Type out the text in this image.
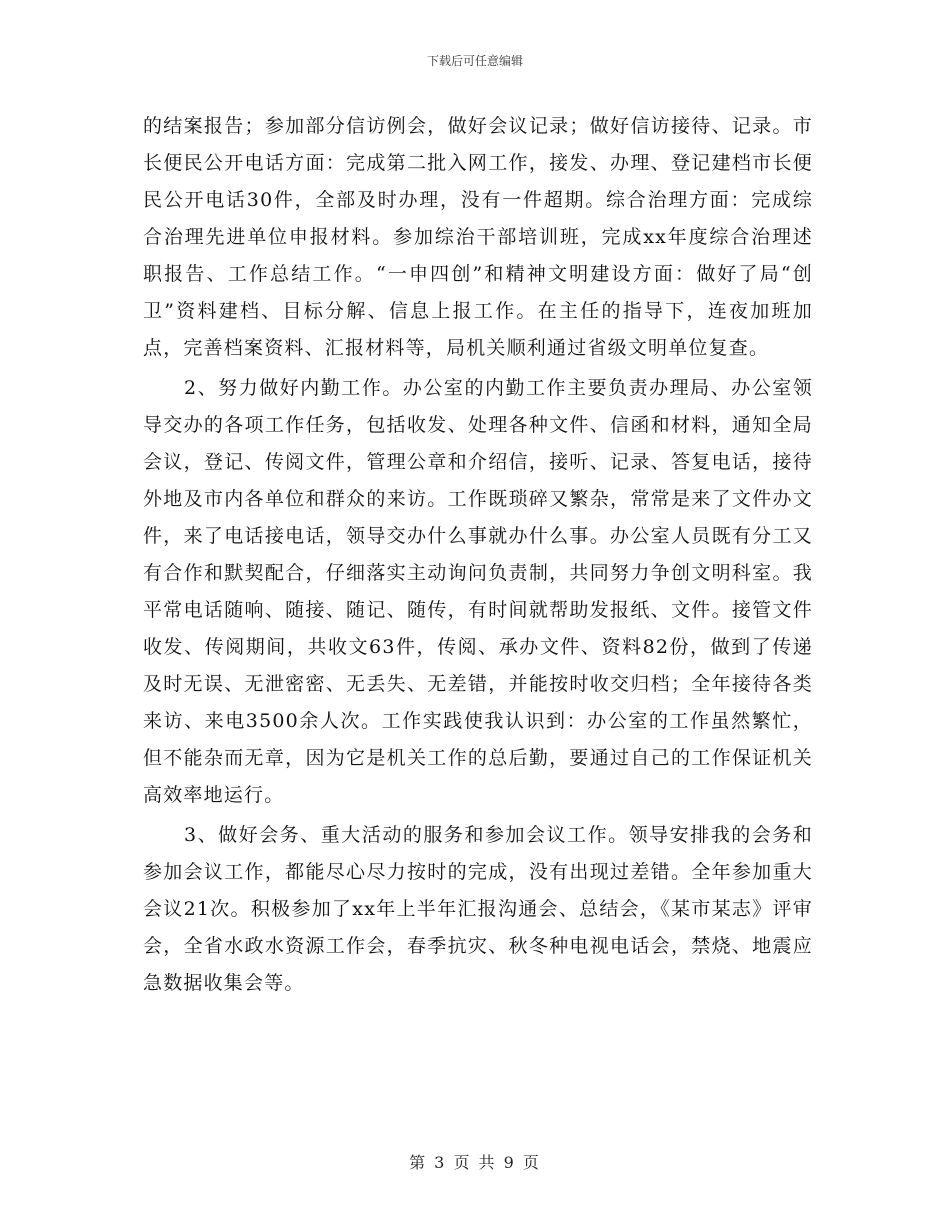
下载后可任意编辑

的结案报告；参加部分信访例会，做好会议记录；做好信访接待、记录。市长便民公开电话方面：完成第二批入网工作，接发、办理、登记建档市长便民公开电话30件，全部及时办理，没有一件超期。综合治理方面：完成综合治理先进单位申报材料。参加综治干部培训班，完成xx年度综合治理述职报告、工作总结工作。“一申四创”和精神文明建设方面：做好了局“创卫”资料建档、目标分解、信息上报工作。在主任的指导下，连夜加班加点，完善档案资料、汇报材料等，局机关顺利通过省级文明单位复查。

　　2、努力做好内勤工作。办公室的内勤工作主要负责办理局、办公室领导交办的各项工作任务，包括收发、处理各种文件、信函和材料，通知全局会议，登记、传阅文件，管理公章和介绍信，接听、记录、答复电话，接待外地及市内各单位和群众的来访。工作既琐碎又繁杂，常常是来了文件办文件，来了电话接电话，领导交办什么事就办什么事。办公室人员既有分工又有合作和默契配合，仔细落实主动询问负责制，共同努力争创文明科室。我平常电话随响、随接、随记、随传，有时间就帮助发报纸、文件。接管文件收发、传阅期间，共收文63件，传阅、承办文件、资料82份，做到了传递及时无误、无泄密密、无丢失、无差错，并能按时收交归档；全年接待各类来访、来电3500余人次。工作实践使我认识到：办公室的工作虽然繁忙，但不能杂而无章，因为它是机关工作的总后勤，要通过自己的工作保证机关高效率地运行。

　　3、做好会务、重大活动的服务和参加会议工作。领导安排我的会务和参加会议工作，都能尽心尽力按时的完成，没有出现过差错。全年参加重大会议21次。积极参加了xx年上半年汇报沟通会、总结会，《某市某志》评审会，全省水政水资源工作会，春季抗灾、秋冬种电视电话会，禁烧、地震应急数据收集会等。

第 3 页 共 9 页
